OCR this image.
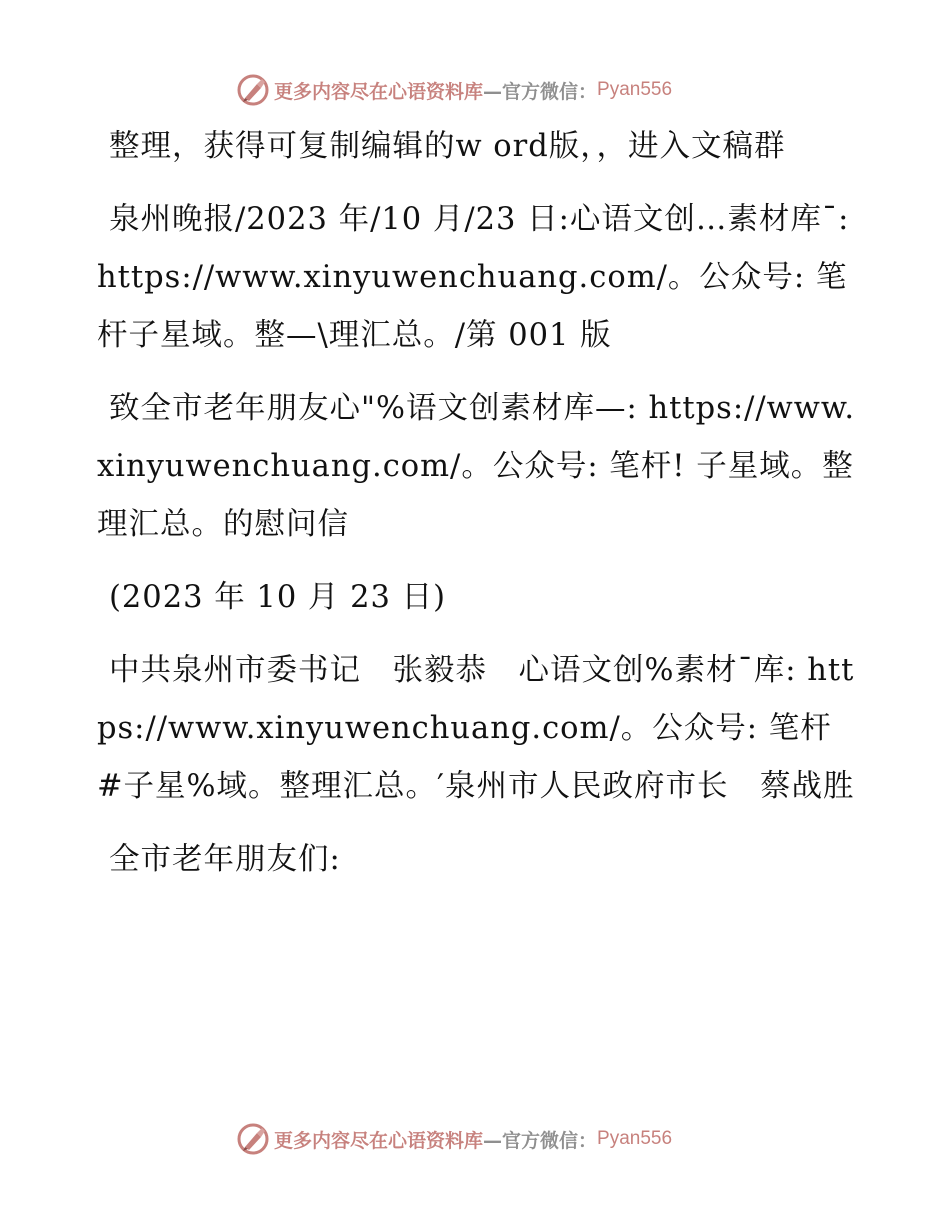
更多内容尽在心语资料库 —官方微信： Pyan556

整理，获得可复制编辑的w ord版，，进入文稿群

泉州晚报/2023 年/10 月/23 日:心语文创…素材库¯: https://www.xinyuwenchuang.com/。公众号: 笔杆子星域。整—\理汇总。/第 001 版

致全市老年朋友心"%语文创素材库—: https://www.xinyuwenchuang.com/。公众号: 笔杆! 子星域。整理汇总。的慰问信

(2023 年 10 月 23 日)

中共泉州市委书记　张毅恭　心语文创%素材¯库: https://www.xinyuwenchuang.com/。公众号: 笔杆#子星%域。整理汇总。′泉州市人民政府市长　蔡战胜

全市老年朋友们:

更多内容尽在心语资料库 —官方微信： Pyan556
